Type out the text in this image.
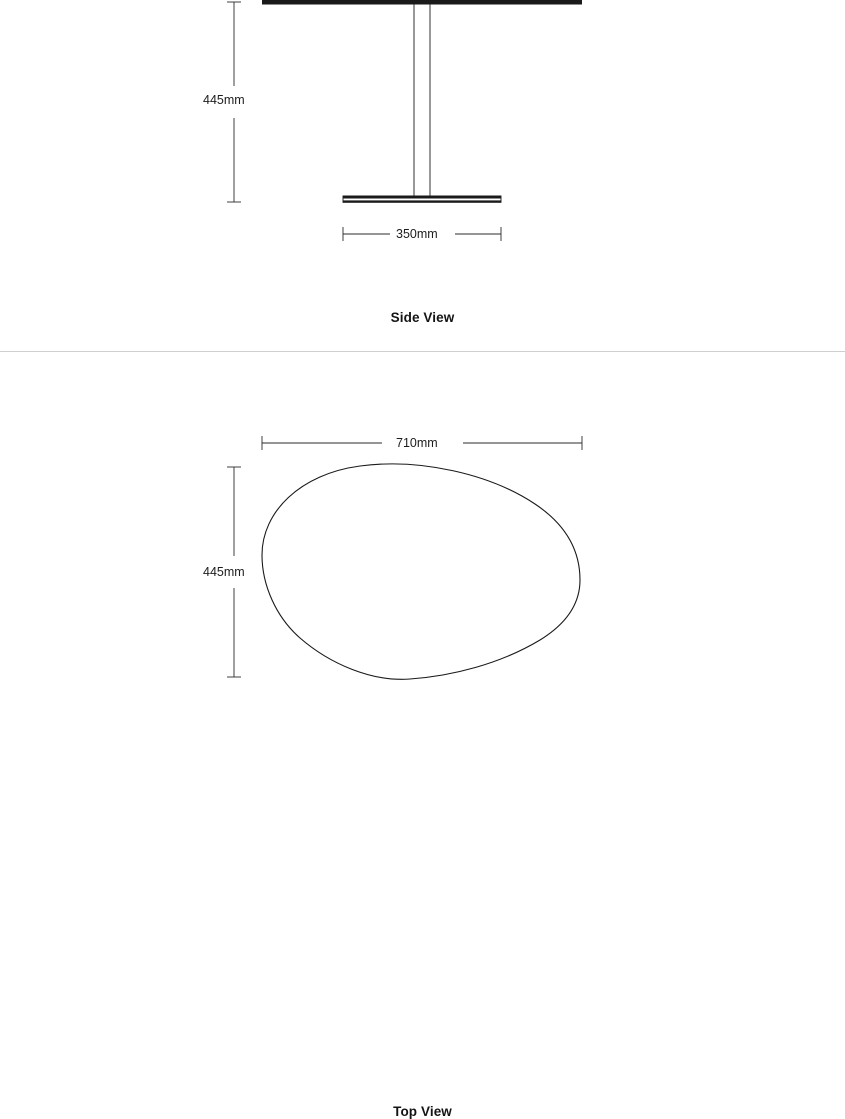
445mm
350mm
Side View
710mm
445mm
Top View
